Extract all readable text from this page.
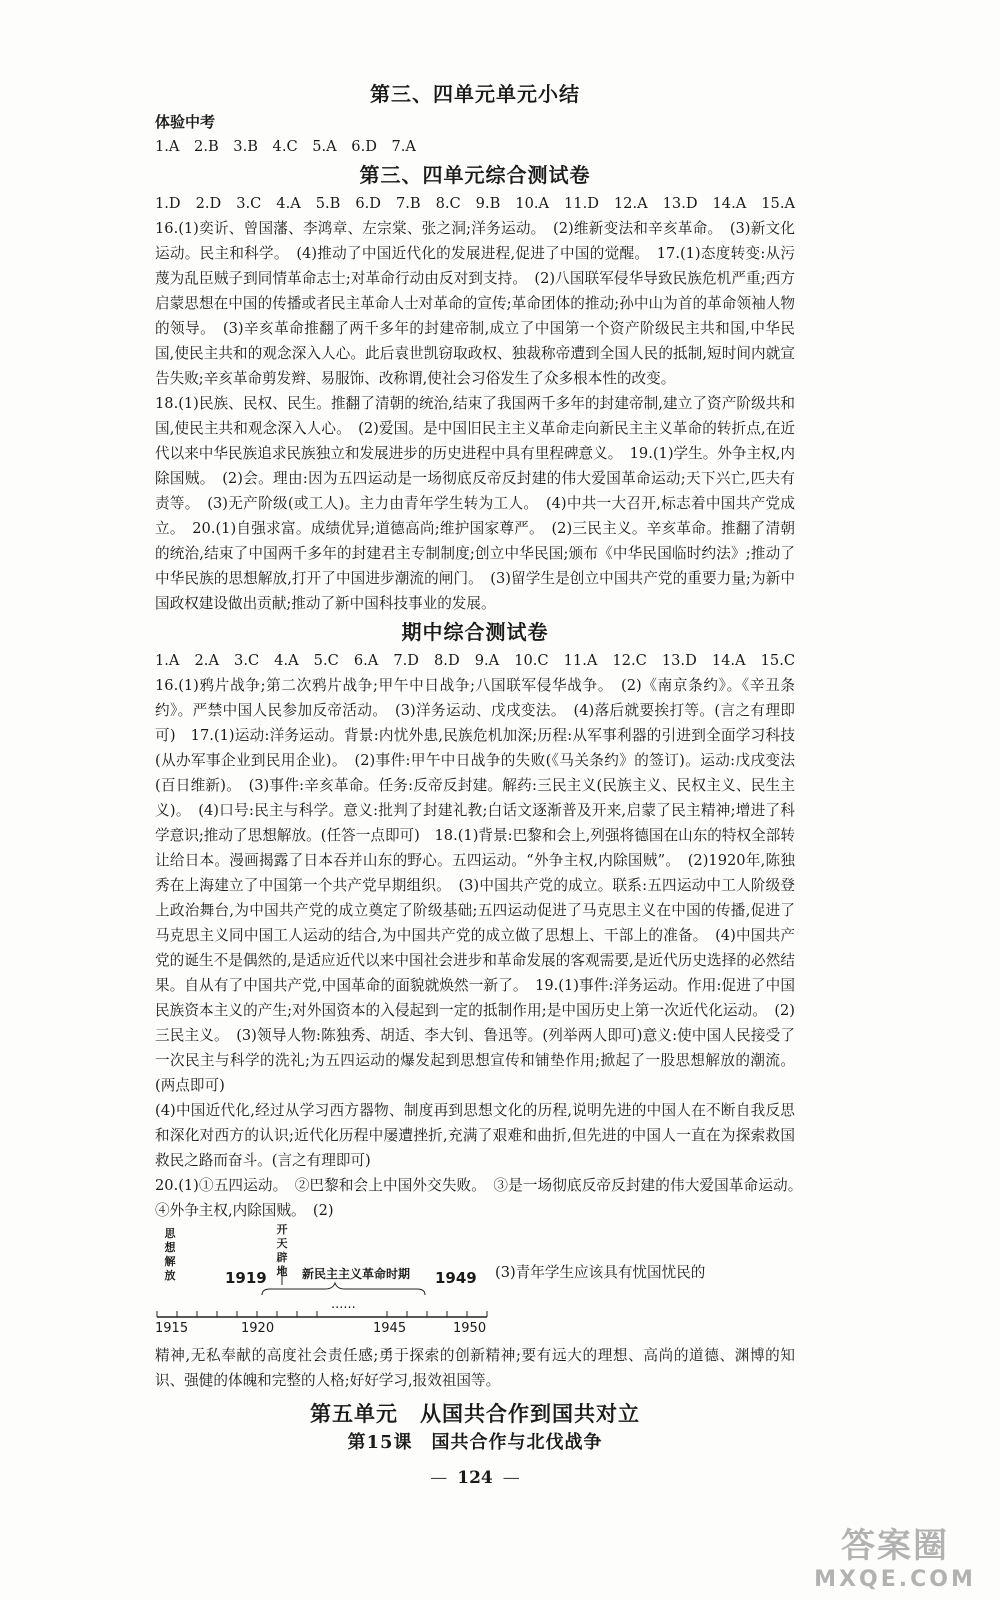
第三、四单元单元小结

体验中考

1.A　2.B　3.B　4.C　5.A　6.D　7.A

第三、四单元综合测试卷

1.D　2.D　3.C　4.A　5.B　6.D　7.B　8.C　9.B　10.A　11.D　12.A　13.D　14.A　15.A　16.(1)奕䜣、曾国藩、李鸿章、左宗棠、张之洞;洋务运动。　(2)维新变法和辛亥革命。　(3)新文化运动。民主和科学。　(4)推动了中国近代化的发展进程,促进了中国的觉醒。　17.(1)态度转变:从污蔑为乱臣贼子到同情革命志士;对革命行动由反对到支持。　(2)八国联军侵华导致民族危机严重;西方启蒙思想在中国的传播或者民主革命人士对革命的宣传;革命团体的推动;孙中山为首的革命领袖人物的领导。　(3)辛亥革命推翻了两千多年的封建帝制,成立了中国第一个资产阶级民主共和国,中华民国,使民主共和的观念深入人心。此后袁世凯窃取政权、独裁称帝遭到全国人民的抵制,短时间内就宣告失败;辛亥革命剪发辫、易服饰、改称谓,使社会习俗发生了众多根本性的改变。

18.(1)民族、民权、民生。推翻了清朝的统治,结束了我国两千多年的封建帝制,建立了资产阶级共和国,使民主共和观念深入人心。　(2)爱国。是中国旧民主主义革命走向新民主主义革命的转折点,在近代以来中华民族追求民族独立和发展进步的历史进程中具有里程碑意义。　19.(1)学生。外争主权,内除国贼。　(2)会。理由:因为五四运动是一场彻底反帝反封建的伟大爱国革命运动;天下兴亡,匹夫有责等。　(3)无产阶级(或工人)。主力由青年学生转为工人。　(4)中共一大召开,标志着中国共产党成立。　20.(1)自强求富。成绩优异;道德高尚;维护国家尊严。　(2)三民主义。辛亥革命。推翻了清朝的统治,结束了中国两千多年的封建君主专制制度;创立中华民国;颁布《中华民国临时约法》;推动了中华民族的思想解放,打开了中国进步潮流的闸门。　(3)留学生是创立中国共产党的重要力量;为新中国政权建设做出贡献;推动了新中国科技事业的发展。

期中综合测试卷

1.A　2.A　3.C　4.A　5.C　6.A　7.D　8.D　9.A　10.C　11.A　12.C　13.D　14.A　15.C　16.(1)鸦片战争;第二次鸦片战争;甲午中日战争;八国联军侵华战争。　(2)《南京条约》。《辛丑条约》。严禁中国人民参加反帝活动。　(3)洋务运动、戊戌变法。　(4)落后就要挨打等。(言之有理即可)　17.(1)运动:洋务运动。背景:内忧外患,民族危机加深;历程:从军事利器的引进到全面学习科技(从办军事企业到民用企业)。　(2)事件:甲午中日战争的失败(《马关条约》的签订)。运动:戊戌变法(百日维新)。　(3)事件:辛亥革命。任务:反帝反封建。解药:三民主义(民族主义、民权主义、民生主义)。　(4)口号:民主与科学。意义:批判了封建礼教;白话文逐渐普及开来,启蒙了民主精神;增进了科学意识;推动了思想解放。(任答一点即可)　18.(1)背景:巴黎和会上,列强将德国在山东的特权全部转让给日本。漫画揭露了日本吞并山东的野心。五四运动。“外争主权,内除国贼”。　(2)1920年,陈独秀在上海建立了中国第一个共产党早期组织。　(3)中国共产党的成立。联系:五四运动中工人阶级登上政治舞台,为中国共产党的成立奠定了阶级基础;五四运动促进了马克思主义在中国的传播,促进了马克思主义同中国工人运动的结合,为中国共产党的成立做了思想上、干部上的准备。　(4)中国共产党的诞生不是偶然的,是适应近代以来中国社会进步和革命发展的客观需要,是近代历史选择的必然结果。自从有了中国共产党,中国革命的面貌就焕然一新了。　19.(1)事件:洋务运动。作用:促进了中国民族资本主义的产生;对外国资本的入侵起到一定的抵制作用;是中国历史上第一次近代化运动。　(2)三民主义。　(3)领导人物:陈独秀、胡适、李大钊、鲁迅等。(列举两人即可)意义:使中国人民接受了一次民主与科学的洗礼;为五四运动的爆发起到思想宣传和铺垫作用;掀起了一股思想解放的潮流。(两点即可)

(4)中国近代化,经过从学习西方器物、制度再到思想文化的历程,说明先进的中国人在不断自我反思和深化对西方的认识;近代化历程中屡遭挫折,充满了艰难和曲折,但先进的中国人一直在为探索救国救民之路而奋斗。(言之有理即可)

20.(1)①五四运动。　②巴黎和会上中国外交失败。　③是一场彻底反帝反封建的伟大爱国革命运动。　④外争主权,内除国贼。　(2)

思想解放
开天辟地
1919	新民主主义革命时期 1949
······
1915	1920	1945	1950
(3)青年学生应该具有忧国忧民的

精神,无私奉献的高度社会责任感;勇于探索的创新精神;要有远大的理想、高尚的道德、渊博的知识、强健的体魄和完整的人格;好好学习,报效祖国等。

第五单元　从国共合作到国共对立
第15课　国共合作与北伐战争
— 124 —
答案圈
MXQE.COM
